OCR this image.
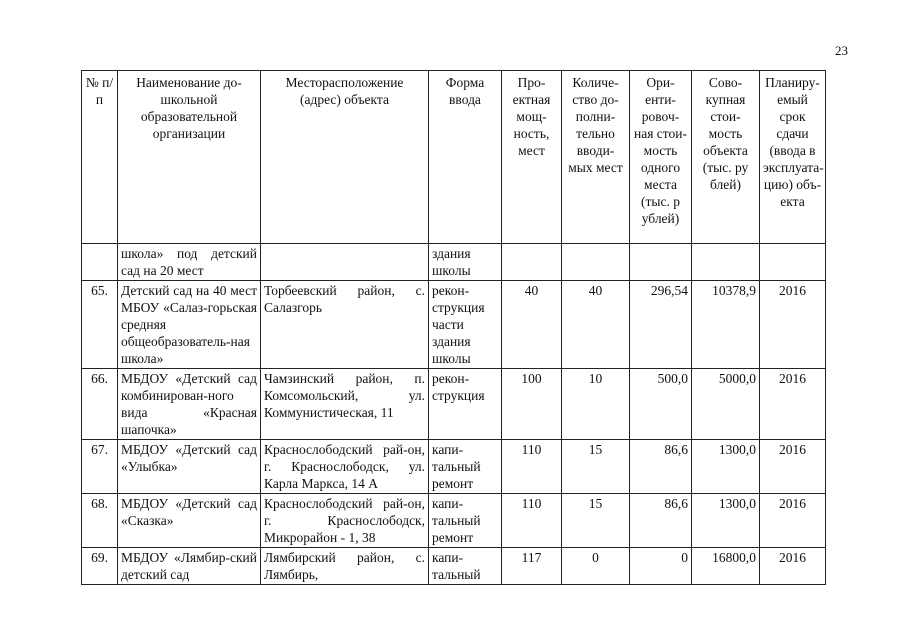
23
№ п/п	Наименование до-школьной образовательной организации	Месторасположение (адрес) объекта	Форма ввода	Про-ектная мощ-ность, мест	Количе-ство до-полни-тельно вводи-мых мест	Ори-енти-ровоч-ная стои-мость одного места (тыс. р ублей)	Сово-купная стои-мость объекта (тыс. ру блей)	Планиру-емый срок сдачи (ввода в эксплуата-цию) объ-екта
	школа» под детский сад на 20 мест		здания школы					
65.	Детский сад на 40 мест МБОУ «Салаз-горьская средняя общеобразователь-ная школа»	Торбеевский район, с. Салазгорь	рекон-струкция части здания школы	40	40	296,54	10378,9	2016
66.	МБДОУ «Детский сад комбинирован-ного вида «Красная шапочка»	Чамзинский район, п. Комсомольский, ул. Коммунистическая, 11	рекон-струкция	100	10	500,0	5000,0	2016
67.	МБДОУ «Детский сад «Улыбка»	Краснослободский рай-он, г. Краснослободск, ул. Карла Маркса, 14 А	капи-тальный ремонт	110	15	86,6	1300,0	2016
68.	МБДОУ «Детский сад «Сказка»	Краснослободский рай-он, г. Краснослободск, Микрорайон - 1, 38	капи-тальный ремонт	110	15	86,6	1300,0	2016
69.	МБДОУ «Лямбир-ский детский сад	Лямбирский район, с. Лямбирь,	капи-тальный	117	0	0	16800,0	2016
